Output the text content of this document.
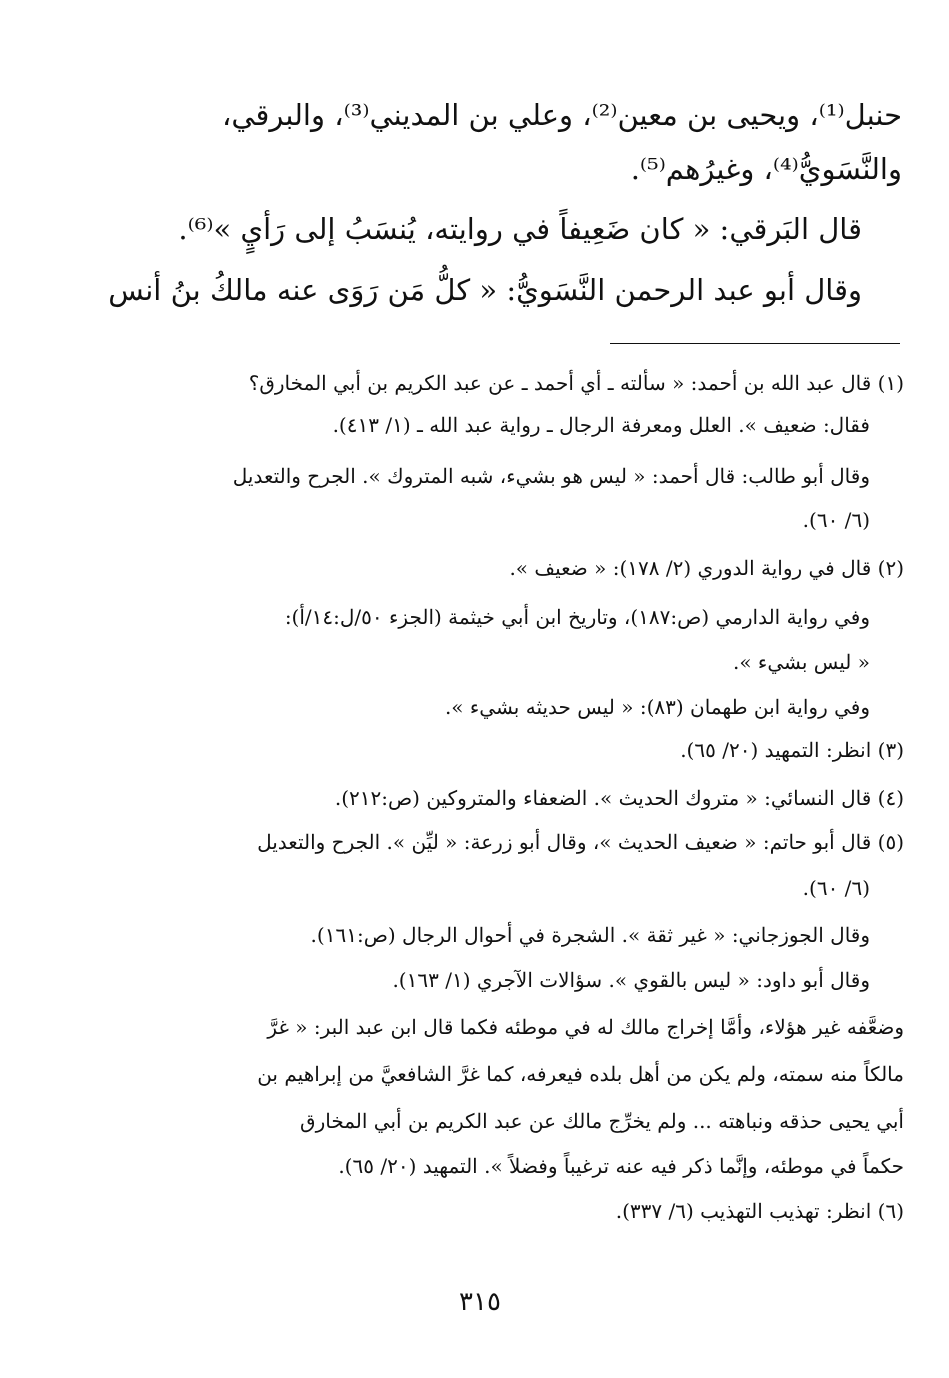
حنبل⁽¹⁾، ويحيى بن معين⁽²⁾، وعلي بن المديني⁽³⁾، والبرقي،

والنَّسَويُّ⁽⁴⁾، وغيرُهم⁽⁵⁾.

قال البَرقي: « كان ضَعِيفاً في روايته، يُنسَبُ إلى رَأيٍ »⁽⁶⁾.

وقال أبو عبد الرحمن النَّسَويُّ: « كلُّ مَن رَوَى عنه مالكُ بنُ أنس

(١) قال عبد الله بن أحمد: « سألته ـ أي أحمد ـ عن عبد الكريم بن أبي المخارق؟

فقال: ضعيف ». العلل ومعرفة الرجال ـ رواية عبد الله ـ (١/ ٤١٣).

وقال أبو طالب: قال أحمد: « ليس هو بشيء، شبه المتروك ». الجرح والتعديل

(٦/ ٦٠).

(٢) قال في رواية الدوري (٢/ ١٧٨): « ضعيف ».

وفي رواية الدارمي (ص:١٨٧)، وتاريخ ابن أبي خيثمة (الجزء ٥٠/ل:١٤/أ):

« ليس بشيء ».

وفي رواية ابن طهمان (٨٣): « ليس حديثه بشيء ».

(٣) انظر: التمهيد (٢٠/ ٦٥).

(٤) قال النسائي: « متروك الحديث ». الضعفاء والمتروكين (ص:٢١٢).

(٥) قال أبو حاتم: « ضعيف الحديث »، وقال أبو زرعة: « ليِّن ». الجرح والتعديل

(٦/ ٦٠).

وقال الجوزجاني: « غير ثقة ». الشجرة في أحوال الرجال (ص:١٦١).

وقال أبو داود: « ليس بالقوي ». سؤالات الآجري (١/ ١٦٣).

وضعَّفه غير هؤلاء، وأمَّا إخراج مالك له في موطئه فكما قال ابن عبد البر: « غرَّ

مالكاً منه سمته، ولم يكن من أهل بلده فيعرفه، كما غرَّ الشافعيَّ من إبراهيم بن

أبي يحيى حذقه ونباهته ... ولم يخرِّج مالك عن عبد الكريم بن أبي المخارق

حكماً في موطئه، وإنَّما ذكر فيه عنه ترغيباً وفضلاً ». التمهيد (٢٠/ ٦٥).

(٦) انظر: تهذيب التهذيب (٦/ ٣٣٧).

٣١٥
